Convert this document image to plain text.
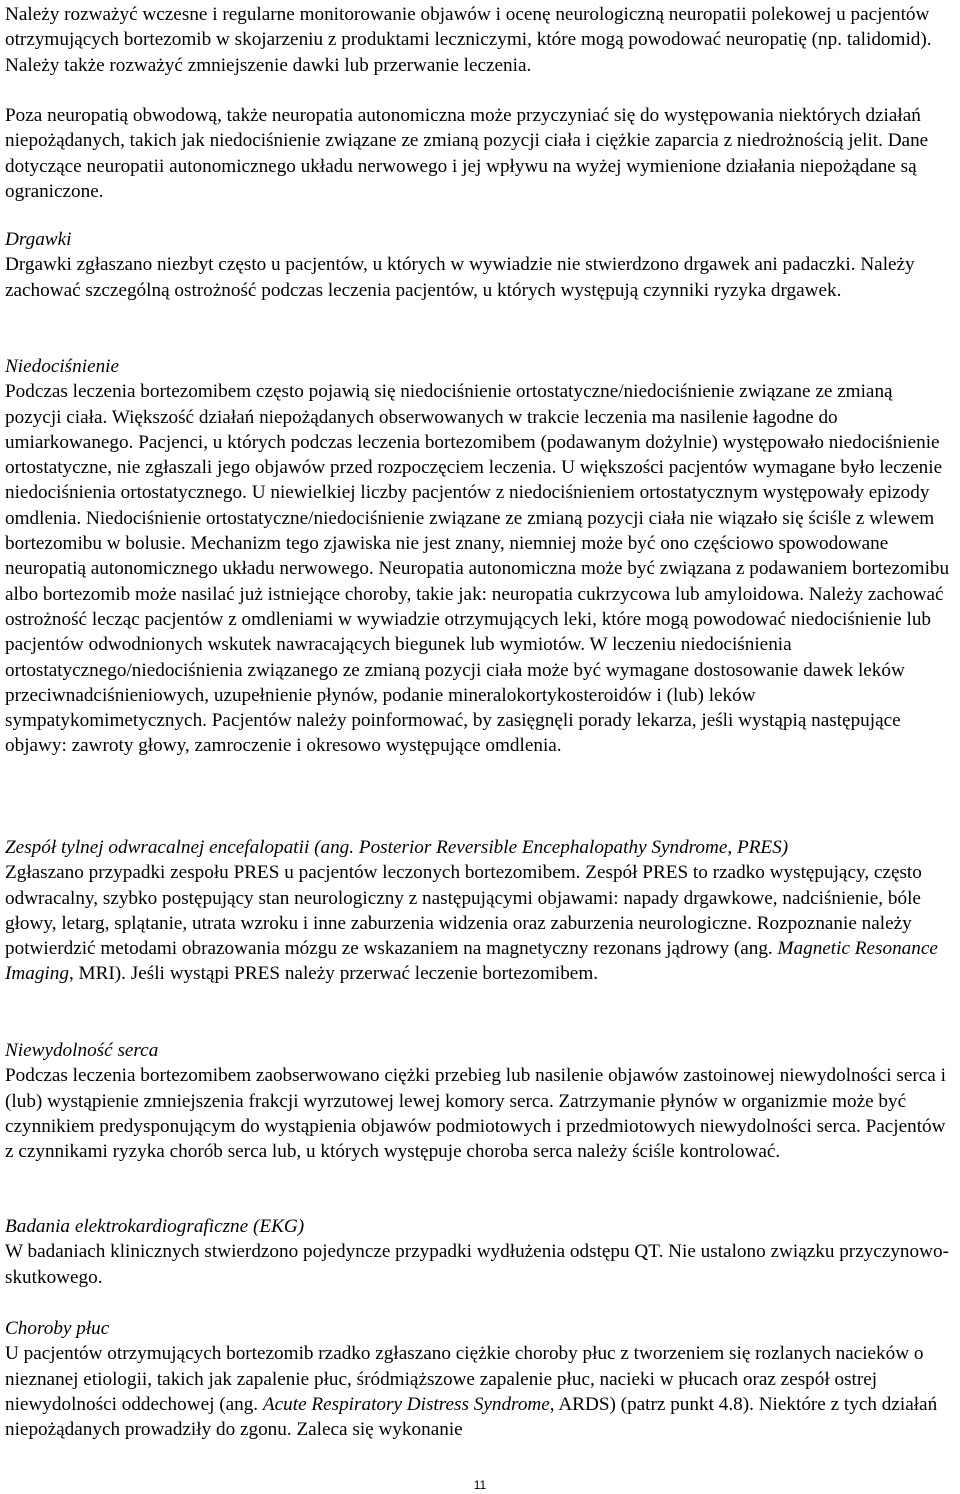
Należy rozważyć wczesne i regularne monitorowanie objawów i ocenę neurologiczną neuropatii polekowej u pacjentów otrzymujących bortezomib w skojarzeniu z produktami leczniczymi, które mogą powodować neuropatię (np. talidomid). Należy także rozważyć zmniejszenie dawki lub przerwanie leczenia.

Poza neuropatią obwodową, także neuropatia autonomiczna może przyczyniać się do występowania niektórych działań niepożądanych, takich jak niedociśnienie związane ze zmianą pozycji ciała i ciężkie zaparcia z niedrożnością jelit. Dane dotyczące neuropatii autonomicznego układu nerwowego i jej wpływu na wyżej wymienione działania niepożądane są ograniczone.

Drgawki
Drgawki zgłaszano niezbyt często u pacjentów, u których w wywiadzie nie stwierdzono drgawek ani padaczki. Należy zachować szczególną ostrożność podczas leczenia pacjentów, u których występują czynniki ryzyka drgawek.
Niedociśnienie
Podczas leczenia bortezomibem często pojawią się niedociśnienie ortostatyczne/niedociśnienie związane ze zmianą pozycji ciała. Większość działań niepożądanych obserwowanych w trakcie leczenia ma nasilenie łagodne do umiarkowanego. Pacjenci, u których podczas leczenia bortezomibem (podawanym dożylnie) występowało niedociśnienie ortostatyczne, nie zgłaszali jego objawów przed rozpoczęciem leczenia. U większości pacjentów wymagane było leczenie niedociśnienia ortostatycznego. U niewielkiej liczby pacjentów z niedociśnieniem ortostatycznym występowały epizody omdlenia. Niedociśnienie ortostatyczne/niedociśnienie związane ze zmianą pozycji ciała nie wiązało się ściśle z wlewem bortezomibu w bolusie. Mechanizm tego zjawiska nie jest znany, niemniej może być ono częściowo spowodowane neuropatią autonomicznego układu nerwowego. Neuropatia autonomiczna może być związana z podawaniem bortezomibu albo bortezomib może nasilać już istniejące choroby, takie jak: neuropatia cukrzycowa lub amyloidowa. Należy zachować ostrożność lecząc pacjentów z omdleniami w wywiadzie otrzymujących leki, które mogą powodować niedociśnienie lub pacjentów odwodnionych wskutek nawracających biegunek lub wymiotów. W leczeniu niedociśnienia ortostatycznego/niedociśnienia związanego ze zmianą pozycji ciała może być wymagane dostosowanie dawek leków przeciwnadciśnieniowych, uzupełnienie płynów, podanie mineralokortykosteroidów i (lub) leków sympatykomimetycznych. Pacjentów należy poinformować, by zasięgnęli porady lekarza, jeśli wystąpią następujące objawy: zawroty głowy, zamroczenie i okresowo występujące omdlenia.
Zespół tylnej odwracalnej encefalopatii (ang. Posterior Reversible Encephalopathy Syndrome, PRES)
Zgłaszano przypadki zespołu PRES u pacjentów leczonych bortezomibem. Zespół PRES to rzadko występujący, często odwracalny, szybko postępujący stan neurologiczny z następującymi objawami: napady drgawkowe, nadciśnienie, bóle głowy, letarg, splątanie, utrata wzroku i inne zaburzenia widzenia oraz zaburzenia neurologiczne. Rozpoznanie należy potwierdzić metodami obrazowania mózgu ze wskazaniem na magnetyczny rezonans jądrowy (ang. Magnetic Resonance Imaging, MRI). Jeśli wystąpi PRES należy przerwać leczenie bortezomibem.
Niewydolność serca
Podczas leczenia bortezomibem zaobserwowano ciężki przebieg lub nasilenie objawów zastoinowej niewydolności serca i (lub) wystąpienie zmniejszenia frakcji wyrzutowej lewej komory serca. Zatrzymanie płynów w organizmie może być czynnikiem predysponującym do wystąpienia objawów podmiotowych i przedmiotowych niewydolności serca. Pacjentów z czynnikami ryzyka chorób serca lub, u których występuje choroba serca należy ściśle kontrolować.
Badania elektrokardiograficzne (EKG)
W badaniach klinicznych stwierdzono pojedyncze przypadki wydłużenia odstępu QT. Nie ustalono związku przyczynowo-skutkowego.
Choroby płuc
U pacjentów otrzymujących bortezomib rzadko zgłaszano ciężkie choroby płuc z tworzeniem się rozlanych nacieków o nieznanej etiologii, takich jak zapalenie płuc, śródmiąższowe zapalenie płuc, nacieki w płucach oraz zespół ostrej niewydolności oddechowej (ang. Acute Respiratory Distress Syndrome, ARDS) (patrz punkt 4.8). Niektóre z tych działań niepożądanych prowadziły do zgonu. Zaleca się wykonanie
11
